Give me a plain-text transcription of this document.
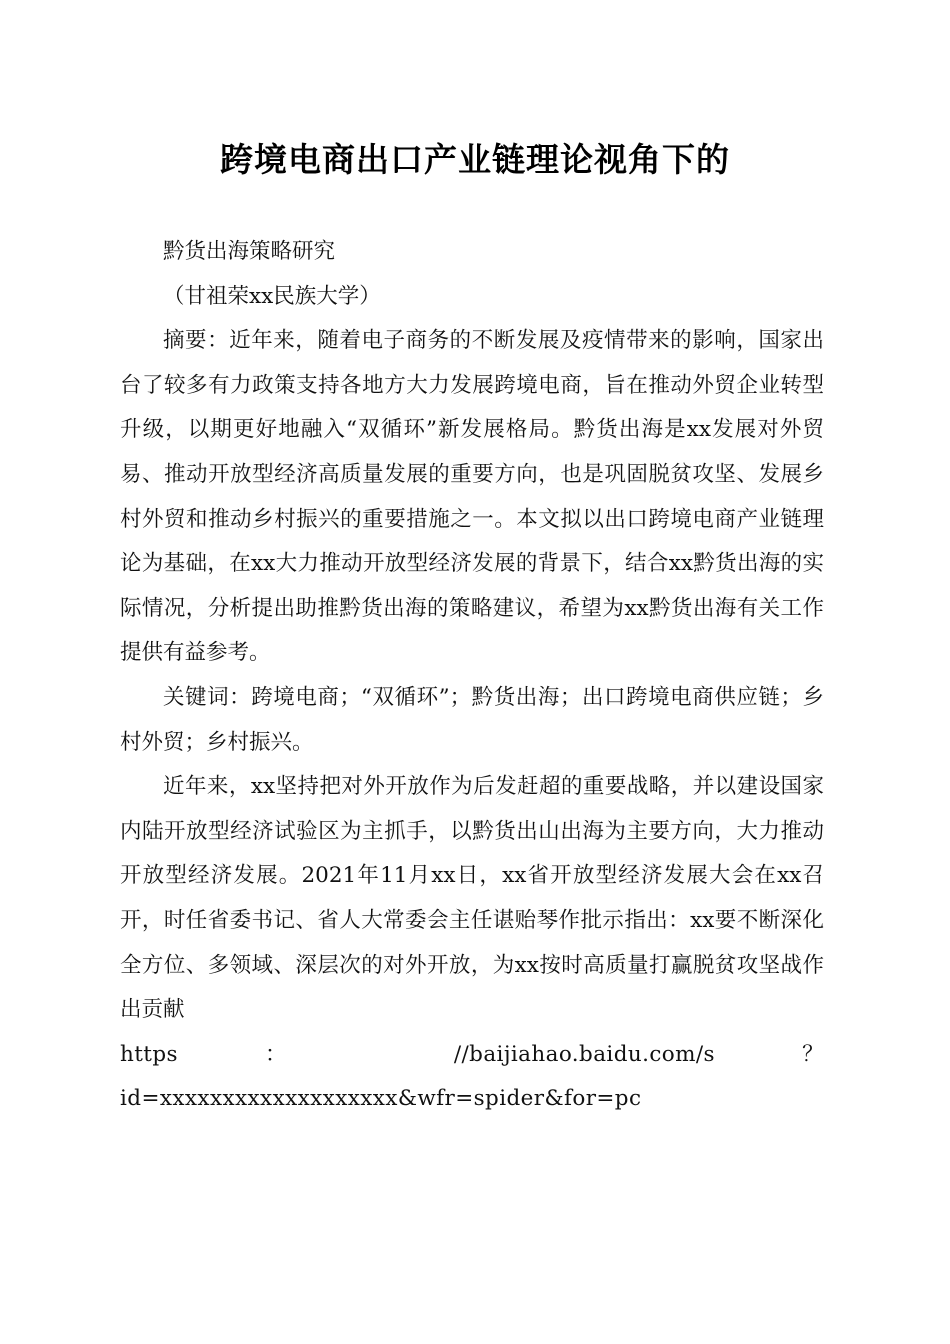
跨境电商出口产业链理论视角下的

黔货出海策略研究

（甘祖荣xx民族大学）

摘要：近年来，随着电子商务的不断发展及疫情带来的影响，国家出台了较多有力政策支持各地方大力发展跨境电商，旨在推动外贸企业转型升级，以期更好地融入“双循环”新发展格局。黔货出海是xx发展对外贸易、推动开放型经济高质量发展的重要方向，也是巩固脱贫攻坚、发展乡村外贸和推动乡村振兴的重要措施之一。本文拟以出口跨境电商产业链理论为基础，在xx大力推动开放型经济发展的背景下，结合xx黔货出海的实际情况，分析提出助推黔货出海的策略建议，希望为xx黔货出海有关工作提供有益参考。

关键词：跨境电商；“双循环”；黔货出海；出口跨境电商供应链；乡村外贸；乡村振兴。

近年来，xx坚持把对外开放作为后发赶超的重要战略，并以建设国家内陆开放型经济试验区为主抓手，以黔货出山出海为主要方向，大力推动开放型经济发展。2021年11月xx日，xx省开放型经济发展大会在xx召开，时任省委书记、省人大常委会主任谌贻琴作批示指出：xx要不断深化全方位、多领域、深层次的对外开放，为xx按时高质量打赢脱贫攻坚战作出贡献

https ： //baijiahao.baidu.com/s ？

id=xxxxxxxxxxxxxxxxxxx&wfr=spider&for=pc
